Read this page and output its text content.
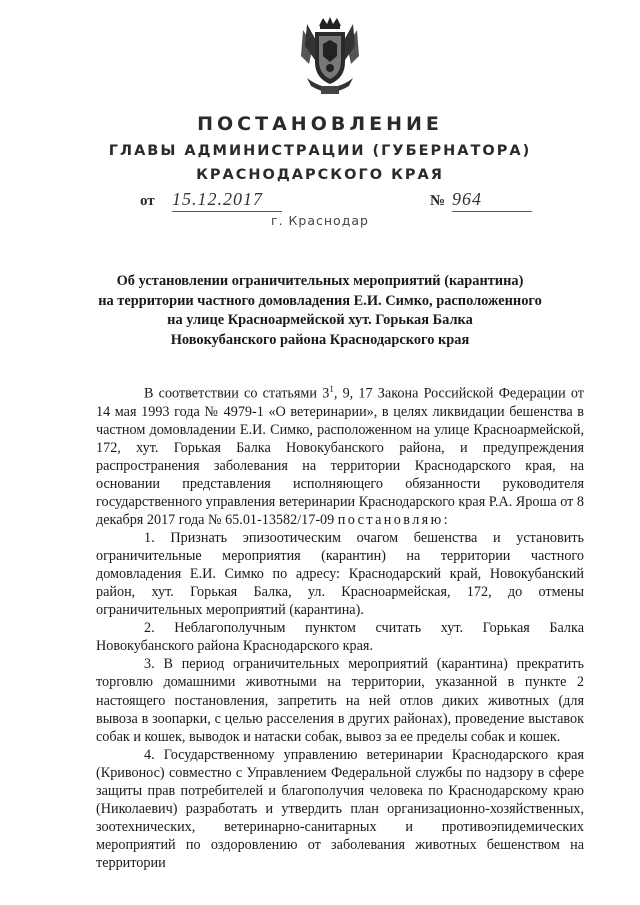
ПОСТАНОВЛЕНИЕ
ГЛАВЫ АДМИНИСТРАЦИИ (ГУБЕРНАТОРА)
КРАСНОДАРСКОГО КРАЯ
от 15.12.2017	№ 964
г. Краснодар
Об установлении ограничительных мероприятий (карантина)
на территории частного домовладения Е.И. Симко, расположенного
на улице Красноармейской хут. Горькая Балка
Новокубанского района Краснодарского края

В соответствии со статьями $3^1$, 9, 17 Закона Российской Федерации от 14 мая 1993 года № 4979-1 «О ветеринарии», в целях ликвидации бешенства в частном домовладении Е.И. Симко, расположенном на улице Красноармейской, 172, хут. Горькая Балка Новокубанского района, и предупреждения распространения заболевания на территории Краснодарского края, на основании представления исполняющего обязанности руководителя государственного управления ветеринарии Краснодарского края Р.А. Яроша от 8 декабря 2017 года № 65.01-13582/17-09 постановляю:

1. Признать эпизоотическим очагом бешенства и установить ограничительные мероприятия (карантин) на территории частного домовладения Е.И. Симко по адресу: Краснодарский край, Новокубанский район, хут. Горькая Балка, ул. Красноармейская, 172, до отмены ограничительных мероприятий (карантина).

2. Неблагополучным пунктом считать хут. Горькая Балка Новокубанского района Краснодарского края.

3. В период ограничительных мероприятий (карантина) прекратить торговлю домашними животными на территории, указанной в пункте 2 настоящего постановления, запретить на ней отлов диких животных (для вывоза в зоопарки, с целью расселения в других районах), проведение выставок собак и кошек, выводок и натаски собак, вывоз за ее пределы собак и кошек.

4. Государственному управлению ветеринарии Краснодарского края (Кривонос) совместно с Управлением Федеральной службы по надзору в сфере защиты прав потребителей и благополучия человека по Краснодарскому краю (Николаевич) разработать и утвердить план организационно-хозяйственных, зоотехнических, ветеринарно-санитарных и противоэпидемических мероприятий по оздоровлению от заболевания животных бешенством на территории
